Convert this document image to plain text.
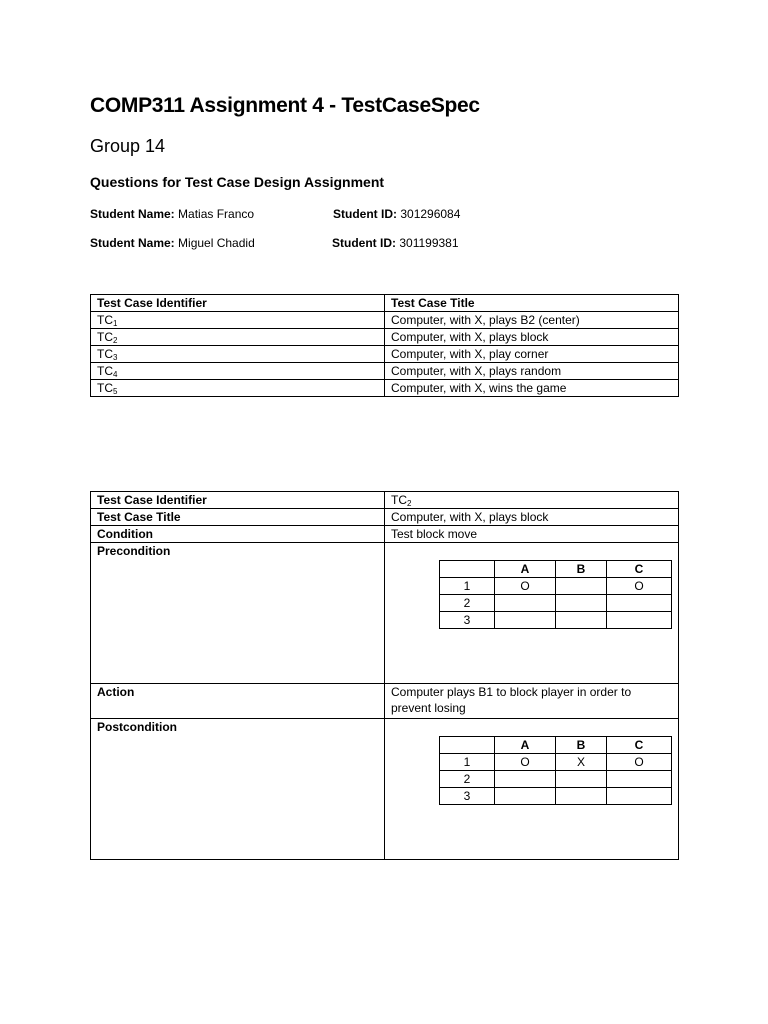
COMP311 Assignment 4 - TestCaseSpec
Group 14
Questions for Test Case Design Assignment
Student Name: Matias Franco	Student ID: 301296084
Student Name: Miguel Chadid	Student ID: 301199381
Test Case Identifier	Test Case Title
$TC_1$	Computer, with X, plays B2 (center)
$TC_2$	Computer, with X, plays block
$TC_3$	Computer, with X, play corner
$TC_4$	Computer, with X, plays random
$TC_5$	Computer, with X, wins the game
Test Case Identifier	$TC_2$
Test Case Title	Computer, with X, plays block
Condition	Test block move
Precondition	
	A	B	C
1	O		O
2			
3			

Action	Computer plays B1 to block player in order to prevent losing
Postcondition	
	A	B	C
1	O	X	O
2			
3			
